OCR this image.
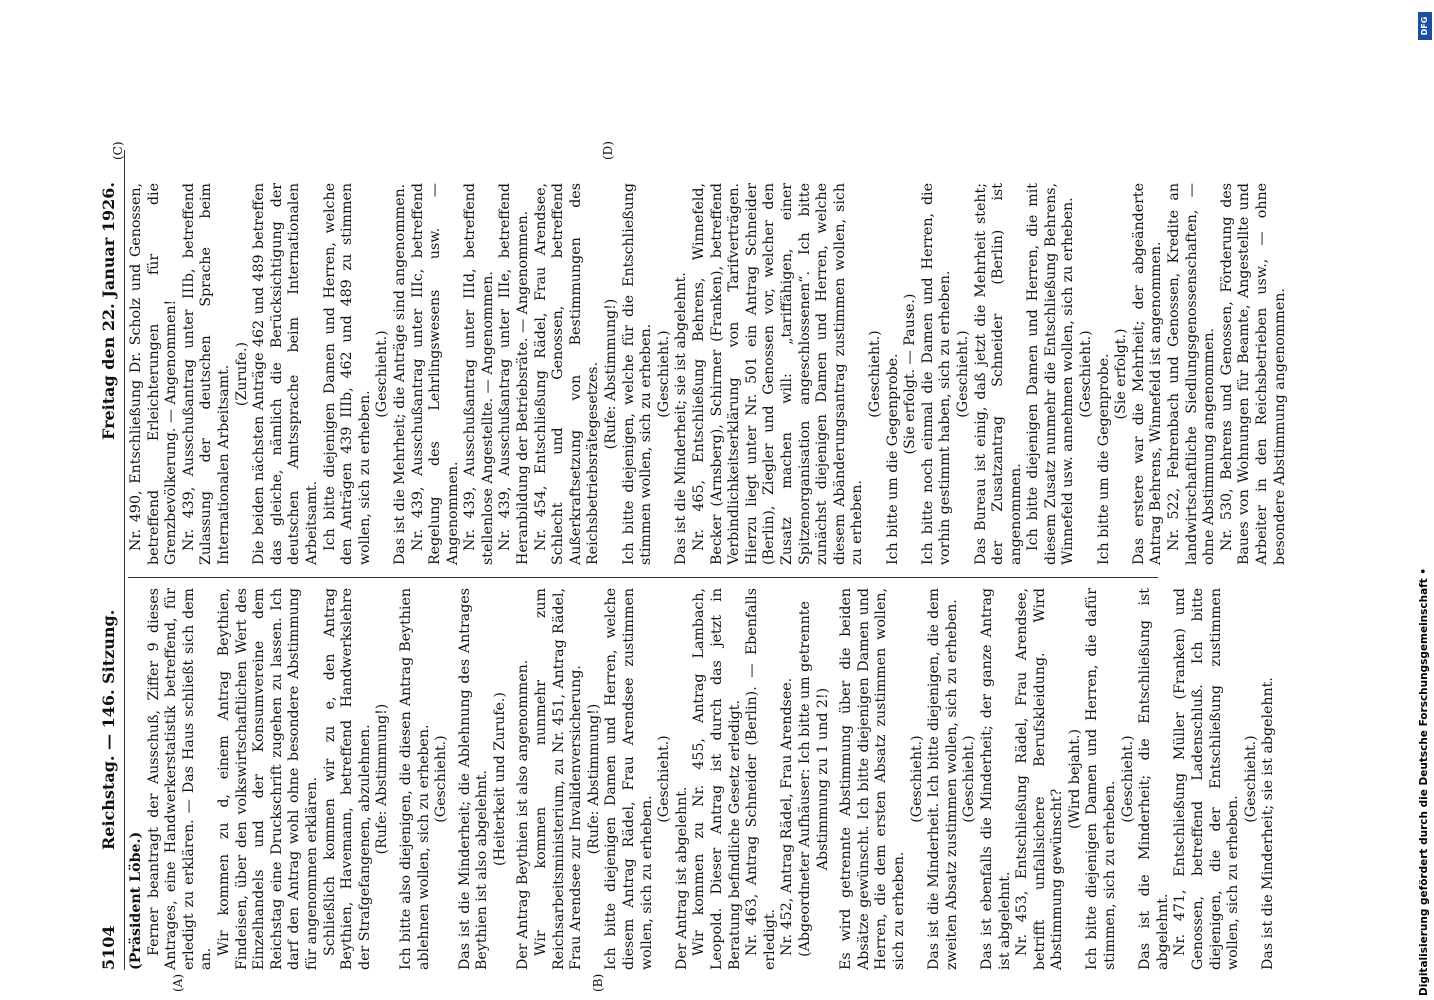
5104
Reichstag. — 146. Sitzung.
Freitag den 22. Januar 1926.
(A)	(B)
(C)	(D)

(Präsident Löbe.) Ferner beantragt der Ausschuß, Ziffer 9 dieses Antrages, eine Handwerkerstatistik betreffend, für erledigt zu erklären. — Das Haus schließt sich dem an.

Wir kommen zu d, einem Antrag Beythien, Findeisen, über den volkswirtschaftlichen Wert des Einzelhandels und der Konsumvereine dem Reichstag eine Druckschrift zugehen zu lassen. Ich darf den Antrag wohl ohne besondere Abstimmung für angenommen erklären. Schließlich kommen wir zu e, den Antrag Beythien, Havemann, betreffend Handwerkslehre der Strafgefangenen, abzulehnen. (Rufe: Abstimmung!) Ich bitte also diejenigen, die diesen Antrag Beythien ablehnen wollen, sich zu erheben. (Geschieht.) Das ist die Minderheit; die Ablehnung des Antrages Beythien ist also abgelehnt. (Heiterkeit und Zurufe.) Der Antrag Beythien ist also angenommen. Wir kommen nunmehr zum Reichsarbeitsministerium, zu Nr. 451, Antrag Rädel, Frau Arendsee zur Invalidenversicherung. (Rufe: Abstimmung!) Ich bitte diejenigen Damen und Herren, welche diesem Antrag Rädel, Frau Arendsee zustimmen wollen, sich zu erheben.

(Geschieht.)

Der Antrag ist abgelehnt. Wir kommen zu Nr. 455, Antrag Lambach, Leopold. Dieser Antrag ist durch das jetzt in Beratung befindliche Gesetz erledigt. Nr. 463, Antrag Schneider (Berlin). — Ebenfalls erledigt. Nr. 452, Antrag Rädel, Frau Arendsee. (Abgeordneter Aufhäuser: Ich bitte um getrennte Abstimmung zu 1 und 2!) Es wird getrennte Abstimmung über die beiden Absätze gewünscht. Ich bitte diejenigen Damen und Herren, die dem ersten Absatz zustimmen wollen, sich zu erheben.

(Geschieht.) Das ist die Minderheit. Ich bitte diejenigen, die dem zweiten Absatz zustimmen wollen, sich zu erheben. (Geschieht.) Das ist ebenfalls die Minderheit; der ganze Antrag ist abgelehnt. Nr. 453, Entschließung Rädel, Frau Arendsee, betrifft unfallsichere Berufskleidung. Wird Abstimmung gewünscht?

(Wird bejaht.) Ich bitte diejenigen Damen und Herren, die dafür stimmen, sich zu erheben.

(Geschieht.) Das ist die Minderheit; die Entschließung ist abgelehnt. Nr. 471, Entschließung Müller (Franken) und Genossen, betreffend Ladenschluß. Ich bitte diejenigen, die der Entschließung zustimmen wollen, sich zu erheben.

(Geschieht.) Das ist die Minderheit; sie ist abgelehnt.

Nr. 490, Entschließung Dr. Scholz und Genossen, betreffend Erleichterungen für die Grenzbevölkerung. — Angenommen! Nr. 439, Ausschußantrag unter IIIb, betreffend Zulassung der deutschen Sprache beim Internationalen Arbeitsamt. (Zurufe.) Die beiden nächsten Anträge 462 und 489 betreffen das gleiche, nämlich die Berücksichtigung der deutschen Amtssprache beim Internationalen Arbeitsamt. Ich bitte diejenigen Damen und Herren, welche den Anträgen 439 IIIb, 462 und 489 zu stimmen wollen, sich zu erheben.

(Geschieht.) Das ist die Mehrheit; die Anträge sind angenommen. Nr. 439, Ausschußantrag unter IIIc, betreffend Regelung des Lehrlingswesens usw. — Angenommen. Nr. 439, Ausschußantrag unter IIId, betreffend stellenlose Angestellte. — Angenommen. Nr. 439, Ausschußantrag unter IIIe, betreffend Heranbildung der Betriebsräte. — Angenommen. Nr. 454, Entschließung Rädel, Frau Arendsee, Schlecht und Genossen, betreffend Außerkraftsetzung von Bestimmungen des Reichsbetriebsrätegesetzes. (Rufe: Abstimmung!) Ich bitte diejenigen, welche für die Entschließung stimmen wollen, sich zu erheben. (Geschieht.) Das ist die Minderheit; sie ist abgelehnt. Nr. 465, Entschließung Behrens, Winnefeld, Becker (Arnsberg), Schirmer (Franken), betreffend Verbindlichkeitserklärung von Tarifverträgen. Hierzu liegt unter Nr. 501 ein Antrag Schneider (Berlin), Ziegler und Genossen vor, welcher den Zusatz machen will: „tariffähigen, einer Spitzenorganisation angeschlossenen“. Ich bitte zunächst diejenigen Damen und Herren, welche diesem Abänderungsantrag zustimmen wollen, sich zu erheben.

(Geschieht.) Ich bitte um die Gegenprobe. (Sie erfolgt. — Pause.) Ich bitte noch einmal die Damen und Herren, die vorhin gestimmt haben, sich zu erheben. (Geschieht.) Das Bureau ist einig, daß jetzt die Mehrheit steht; der Zusatzantrag Schneider (Berlin) ist angenommen. Ich bitte diejenigen Damen und Herren, die mit diesem Zusatz nunmehr die Entschließung Behrens, Winnefeld usw. annehmen wollen, sich zu erheben. (Geschieht.) Ich bitte um die Gegenprobe. (Sie erfolgt.) Das erstere war die Mehrheit; der abgeänderte Antrag Behrens, Winnefeld ist angenommen. Nr. 522, Fehrenbach und Genossen, Kredite an landwirtschaftliche Siedlungsgenossenschaften, — ohne Abstimmung angenommen. Nr. 530, Behrens und Genossen, Förderung des Baues von Wohnungen für Beamte, Angestellte und Arbeiter in den Reichsbetrieben usw., — ohne besondere Abstimmung angenommen.

Digitalisierung gefördert durch die Deutsche Forschungsgemeinschaft •
DFG
